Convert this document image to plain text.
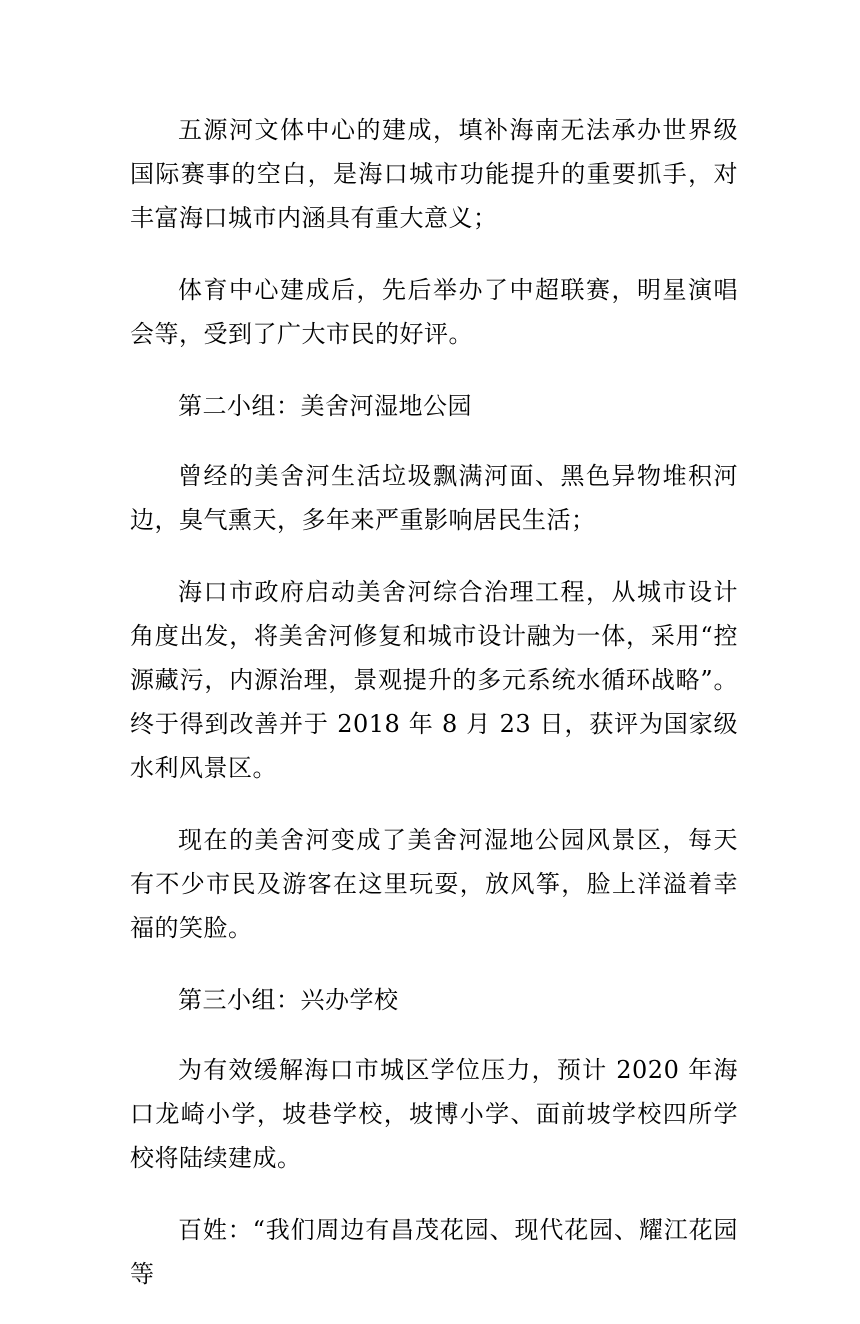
五源河文体中心的建成，填补海南无法承办世界级国际赛事的空白，是海口城市功能提升的重要抓手，对丰富海口城市内涵具有重大意义；

体育中心建成后，先后举办了中超联赛，明星演唱会等，受到了广大市民的好评。

第二小组：美舍河湿地公园

曾经的美舍河生活垃圾飘满河面、黑色异物堆积河边，臭气熏天，多年来严重影响居民生活；

海口市政府启动美舍河综合治理工程，从城市设计角度出发，将美舍河修复和城市设计融为一体，采用“控源藏污，内源治理，景观提升的多元系统水循环战略”。终于得到改善并于 2018 年 8 月 23 日，获评为国家级水利风景区。

现在的美舍河变成了美舍河湿地公园风景区，每天有不少市民及游客在这里玩耍，放风筝，脸上洋溢着幸福的笑脸。

第三小组：兴办学校

为有效缓解海口市城区学位压力，预计 2020 年海口龙崎小学，坡巷学校，坡博小学、面前坡学校四所学校将陆续建成。

百姓：“我们周边有昌茂花园、现代花园、耀江花园等
